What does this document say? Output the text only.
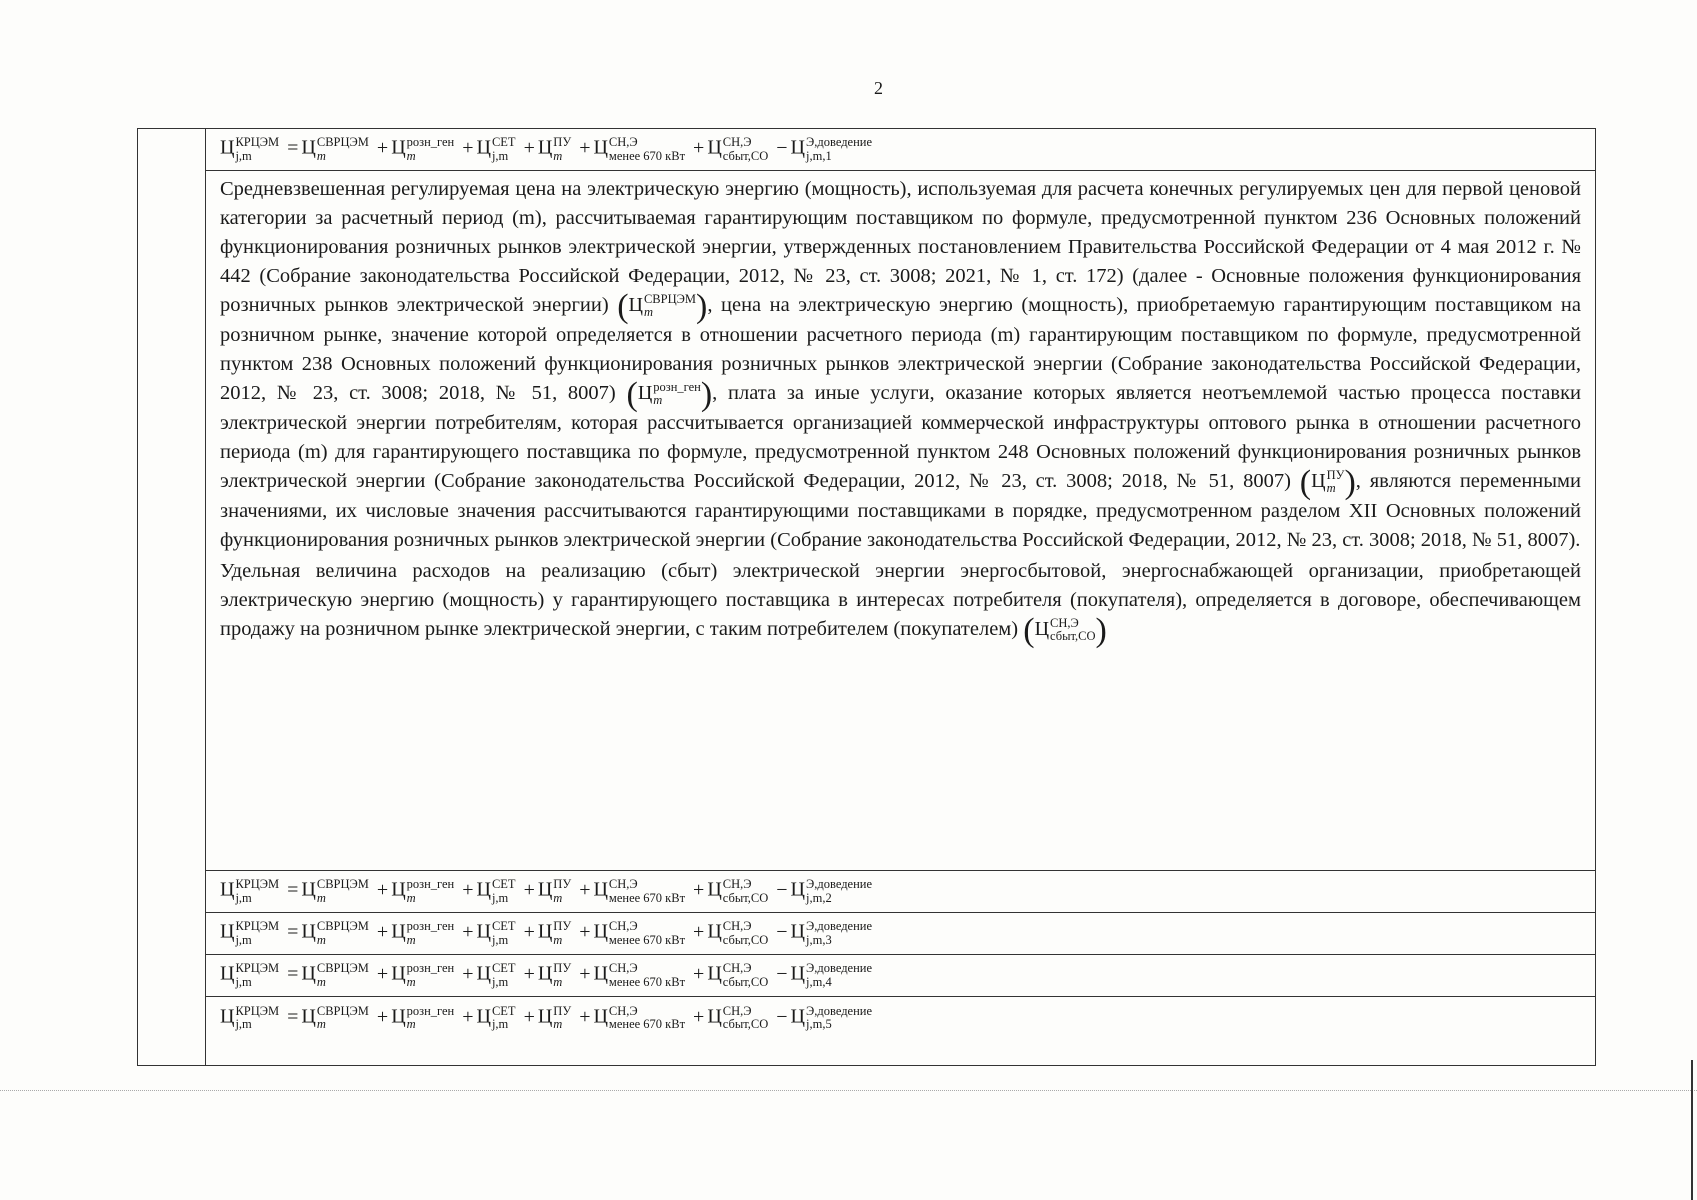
2
Ц КРЦЭМ
j,m	= Ц СВРЦЭМ
m	+ Ц розн_ген
m	+ Ц СЕТ
j,m + Ц ПУ
m + Ц СН,Э
менее 670 кВт + Ц СН,Э
сбыт,СО − Ц Э,доведение
j,m,1

Средневзвешенная регулируемая цена на электрическую энергию (мощность), используемая для расчета конечных регулируемых цен для первой ценовой категории за расчетный период (m), рассчитываемая гарантирующим поставщиком по формуле, предусмотренной пунктом 236 Основных положений функционирования розничных рынков электрической энергии, утвержденных постановлением Правительства Российской Федерации от 4 мая 2012 г. № 442 (Собрание законодательства Российской Федерации, 2012, № 23, ст. 3008; 2021, № 1, ст. 172) (далее - Основные положения функционирования розничных рынков электрической энергии) (Ц СВРЦЭМ
m	), цена на электрическую энергию (мощность), приобретаемую гарантирующим поставщиком на розничном рынке, значение которой определяется в отношении расчетного периода (m) гарантирующим поставщиком по формуле, предусмотренной пунктом 238 Основных положений функционирования розничных рынков электрической энергии (Собрание законодательства Российской Федерации, 2012, № 23, ст. 3008; 2018, № 51, 8007) (Ц розн_ген
m	), плата за иные услуги, оказание которых является неотъемлемой частью процесса поставки электрической энергии потребителям, которая рассчитывается организацией коммерческой инфраструктуры оптового рынка в отношении расчетного периода (m) для гарантирующего поставщика по формуле, предусмотренной пунктом 248 Основных положений функционирования розничных рынков электрической энергии (Собрание законодательства Российской Федерации, 2012, № 23, ст. 3008; 2018, № 51, 8007) (Ц ПУ
m ), являются переменными значениями, их числовые значения рассчитываются гарантирующими поставщиками в порядке, предусмотренном разделом XII Основных положений функционирования розничных рынков электрической энергии (Собрание законодательства Российской Федерации, 2012, № 23, ст. 3008; 2018, № 51, 8007).

Удельная величина расходов на реализацию (сбыт) электрической энергии энергосбытовой, энергоснабжающей организации, приобретающей электрическую энергию (мощность) у гарантирующего поставщика в интересах потребителя (покупателя), определяется в договоре, обеспечивающем продажу на розничном рынке электрической энергии, с таким потребителем (покупателем) (Ц СН,Э
сбыт,СО )

Ц КРЦЭМ
j,m	= Ц СВРЦЭМ
m	+ Ц розн_ген
m	+ Ц СЕТ
j,m + Ц ПУ
m + Ц СН,Э
менее 670 кВт + Ц СН,Э
сбыт,СО − Ц Э,доведение
j,m,2
Ц КРЦЭМ
j,m	= Ц СВРЦЭМ
m	+ Ц розн_ген
m	+ Ц СЕТ
j,m + Ц ПУ
m + Ц СН,Э
менее 670 кВт + Ц СН,Э
сбыт,СО − Ц Э,доведение
j,m,3
Ц КРЦЭМ
j,m	= Ц СВРЦЭМ
m	+ Ц розн_ген
m	+ Ц СЕТ
j,m + Ц ПУ
m + Ц СН,Э
менее 670 кВт + Ц СН,Э
сбыт,СО − Ц Э,доведение
j,m,4
Ц КРЦЭМ
j,m	= Ц СВРЦЭМ
m	+ Ц розн_ген
m	+ Ц СЕТ
j,m + Ц ПУ
m + Ц СН,Э
менее 670 кВт + Ц СН,Э
сбыт,СО − Ц Э,доведение
j,m,5
